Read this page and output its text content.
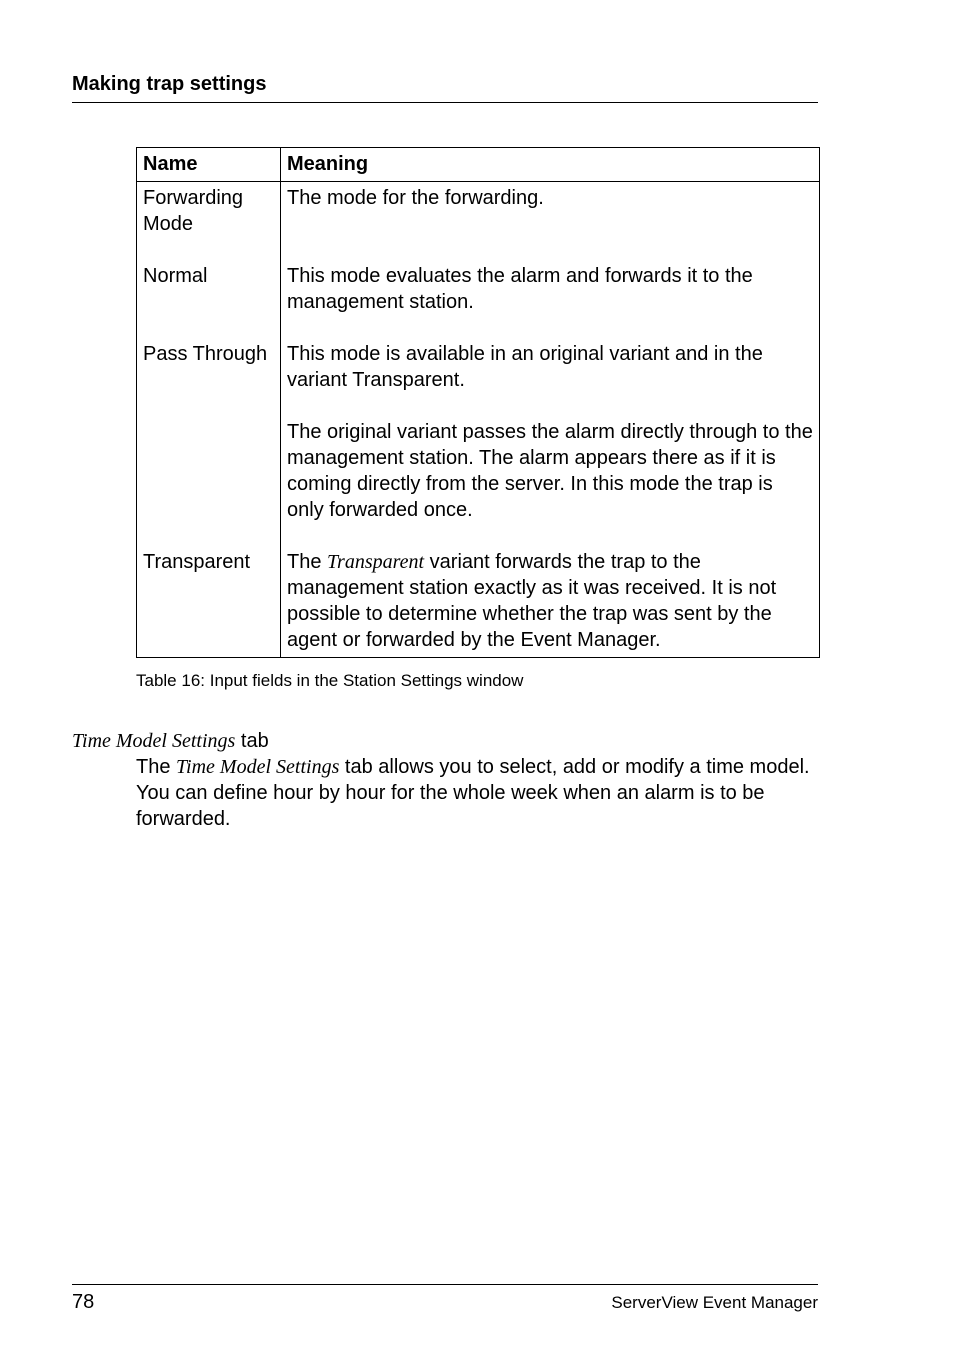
Making trap settings
Name	Meaning
Forwarding Mode	The mode for the forwarding.

Normal	This mode evaluates the alarm and forwards it to the management station.

Pass Through	This mode is available in an original variant and in the variant Transparent.

The original variant passes the alarm directly through to the management station. The alarm appears there as if it is coming directly from the server. In this mode the trap is only forwarded once.

Transparent	The Transparent variant forwards the trap to the management station exactly as it was received. It is not possible to determine whether the trap was sent by the agent or forwarded by the Event Manager.

Table 16: Input fields in the Station Settings window
Time Model Settings tab
The Time Model Settings tab allows you to select, add or modify a time model. You can define hour by hour for the whole week when an alarm is to be forwarded.
78	ServerView Event Manager
